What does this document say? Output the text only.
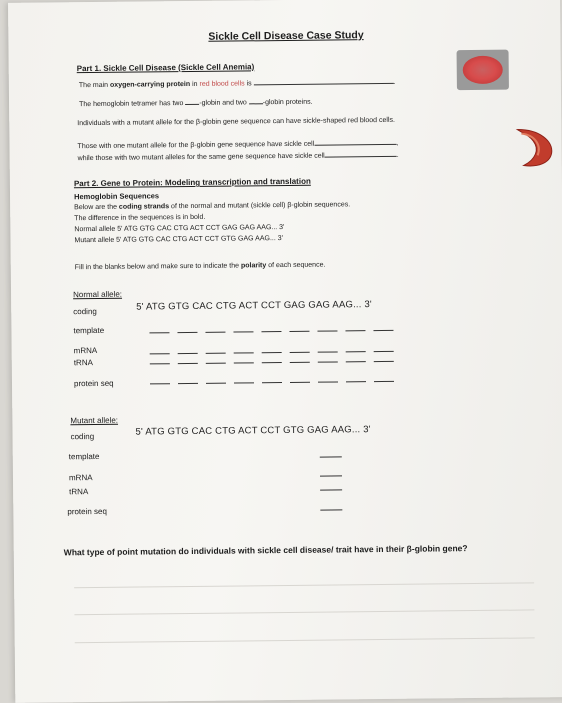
Sickle Cell Disease Case Study
Part 1. Sickle Cell Disease (Sickle Cell Anemia)
The main oxygen-carrying protein in red blood cells is	.
The hemoglobin tetramer has two -globin and two -globin proteins.
Individuals with a mutant allele for the β-globin gene sequence can have sickle-shaped red blood cells.
Those with one mutant allele for the β-globin gene sequence have sickle cell	,
while those with two mutant alleles for the same gene sequence have sickle cell	.
Part 2. Gene to Protein: Modeling transcription and translation
Hemoglobin Sequences
Below are the coding strands of the normal and mutant (sickle cell) β-globin sequences.
The difference in the sequences is in bold.
Normal allele 5' ATG GTG CAC CTG ACT CCT GAG GAG AAG... 3'
Mutant allele 5' ATG GTG CAC CTG ACT CCT GTG GAG AAG... 3'
Fill in the blanks below and make sure to indicate the polarity of each sequence.
Normal allele:
coding	5' ATG GTG CAC CTG ACT CCT GAG GAG AAG... 3'
template
mRNA
tRNA
protein seq
Mutant allele:
coding	5' ATG GTG CAC CTG ACT CCT GTG GAG AAG... 3'
template
mRNA
tRNA
protein seq
What type of point mutation do individuals with sickle cell disease/ trait have in their β-globin gene?
